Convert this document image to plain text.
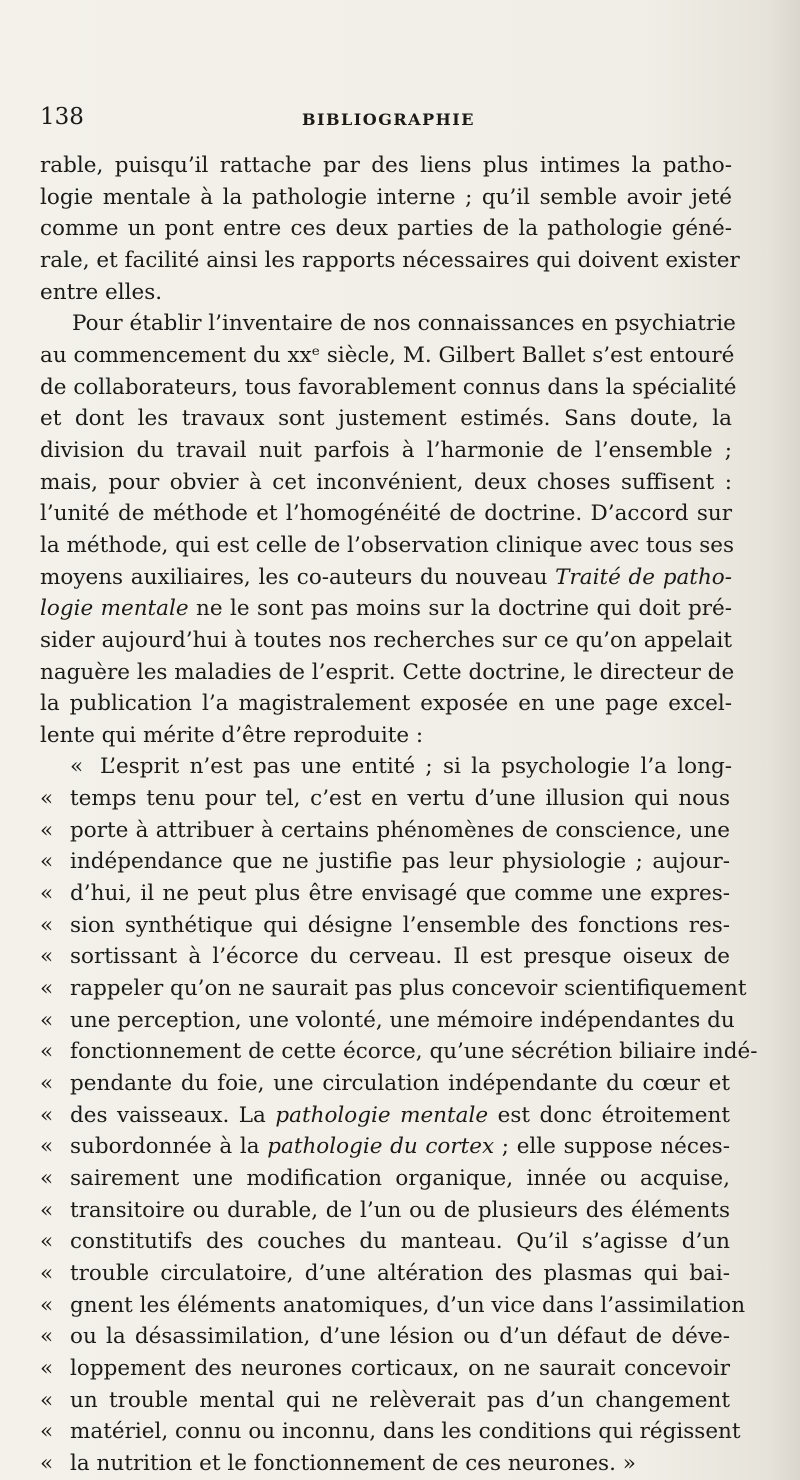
138	BIBLIOGRAPHIE
rable, puisqu’il rattache par des liens plus intimes la patho-
logie mentale à la pathologie interne ; qu’il semble avoir jeté
comme un pont entre ces deux parties de la pathologie géné-
rale, et facilité ainsi les rapports nécessaires qui doivent exister
entre elles.
Pour établir l’inventaire de nos connaissances en psychiatrie
au commencement du xxᵉ siècle, M. Gilbert Ballet s’est entouré
de collaborateurs, tous favorablement connus dans la spécialité
et dont les travaux sont justement estimés. Sans doute, la
division du travail nuit parfois à l’harmonie de l’ensemble ;
mais, pour obvier à cet inconvénient, deux choses suffisent :
l’unité de méthode et l’homogénéité de doctrine. D’accord sur
la méthode, qui est celle de l’observation clinique avec tous ses
moyens auxiliaires, les co-auteurs du nouveau Traité de patho-
logie mentale ne le sont pas moins sur la doctrine qui doit pré-
sider aujourd’hui à toutes nos recherches sur ce qu’on appelait
naguère les maladies de l’esprit. Cette doctrine, le directeur de
la publication l’a magistralement exposée en une page excel-
lente qui mérite d’être reproduite :
« L’esprit n’est pas une entité ; si la psychologie l’a long-
« temps tenu pour tel, c’est en vertu d’une illusion qui nous
« porte à attribuer à certains phénomènes de conscience, une
« indépendance que ne justifie pas leur physiologie ; aujour-
« d’hui, il ne peut plus être envisagé que comme une expres-
« sion synthétique qui désigne l’ensemble des fonctions res-
« sortissant à l’écorce du cerveau. Il est presque oiseux de
« rappeler qu’on ne saurait pas plus concevoir scientifiquement
« une perception, une volonté, une mémoire indépendantes du
« fonctionnement de cette écorce, qu’une sécrétion biliaire indé-
« pendante du foie, une circulation indépendante du cœur et
« des vaisseaux. La pathologie mentale est donc étroitement
« subordonnée à la pathologie du cortex ; elle suppose néces-
« sairement une modification organique, innée ou acquise,
« transitoire ou durable, de l’un ou de plusieurs des éléments
« constitutifs des couches du manteau. Qu’il s’agisse d’un
« trouble circulatoire, d’une altération des plasmas qui bai-
« gnent les éléments anatomiques, d’un vice dans l’assimilation
« ou la désassimilation, d’une lésion ou d’un défaut de déve-
« loppement des neurones corticaux, on ne saurait concevoir
« un trouble mental qui ne relèverait pas d’un changement
« matériel, connu ou inconnu, dans les conditions qui régissent
« la nutrition et le fonctionnement de ces neurones. »
